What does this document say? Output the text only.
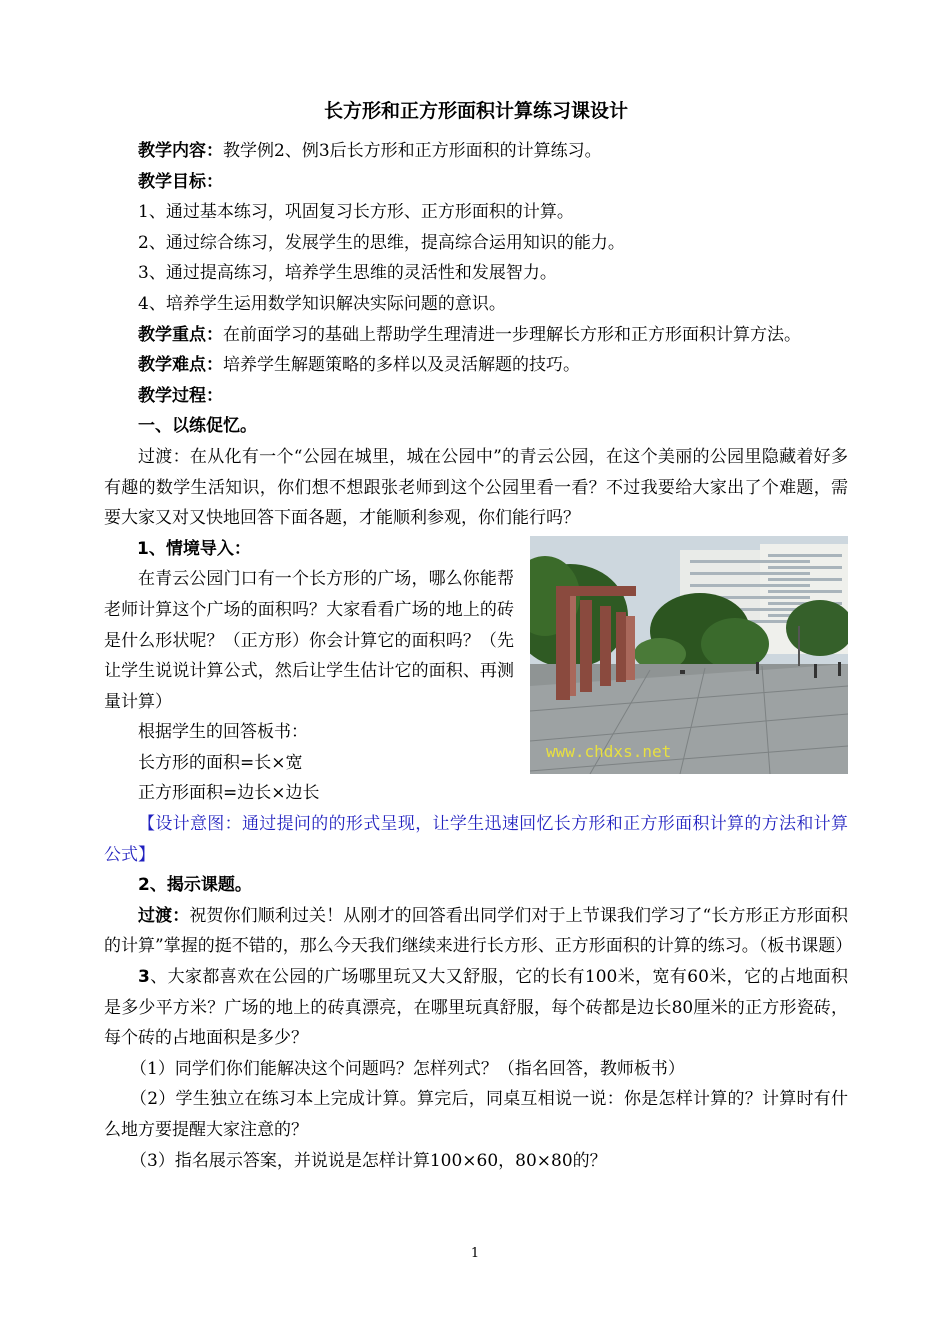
长方形和正方形面积计算练习课设计

教学内容：教学例2、例3后长方形和正方形面积的计算练习。

教学目标：

1、通过基本练习，巩固复习长方形、正方形面积的计算。

2、通过综合练习，发展学生的思维，提高综合运用知识的能力。

3、通过提高练习，培养学生思维的灵活性和发展智力。

4、培养学生运用数学知识解决实际问题的意识。

教学重点：在前面学习的基础上帮助学生理清进一步理解长方形和正方形面积计算方法。

教学难点：培养学生解题策略的多样以及灵活解题的技巧。

教学过程：

一、以练促忆。

过渡：在从化有一个“公园在城里，城在公园中”的青云公园，在这个美丽的公园里隐藏着好多有趣的数学生活知识，你们想不想跟张老师到这个公园里看一看？不过我要给大家出了个难题，需要大家又对又快地回答下面各题，才能顺利参观，你们能行吗？

www.chdxs.net

1、情境导入：

在青云公园门口有一个长方形的广场，哪么你能帮老师计算这个广场的面积吗？大家看看广场的地上的砖是什么形状呢？（正方形）你会计算它的面积吗？（先让学生说说计算公式，然后让学生估计它的面积、再测量计算）

根据学生的回答板书：

长方形的面积=长×宽

正方形面积=边长×边长

【设计意图：通过提问的的形式呈现，让学生迅速回忆长方形和正方形面积计算的方法和计算公式】

2、揭示课题。

过渡：祝贺你们顺利过关！从刚才的回答看出同学们对于上节课我们学习了“长方形正方形面积的计算”掌握的挺不错的，那么今天我们继续来进行长方形、正方形面积的计算的练习。（板书课题）

3、大家都喜欢在公园的广场哪里玩又大又舒服，它的长有100米，宽有60米，它的占地面积是多少平方米？广场的地上的砖真漂亮，在哪里玩真舒服，每个砖都是边长80厘米的正方形瓷砖，每个砖的占地面积是多少？

（1）同学们你们能解决这个问题吗？怎样列式？（指名回答，教师板书）

（2）学生独立在练习本上完成计算。算完后，同桌互相说一说：你是怎样计算的？计算时有什么地方要提醒大家注意的？

（3）指名展示答案，并说说是怎样计算100×60，80×80的？

1
